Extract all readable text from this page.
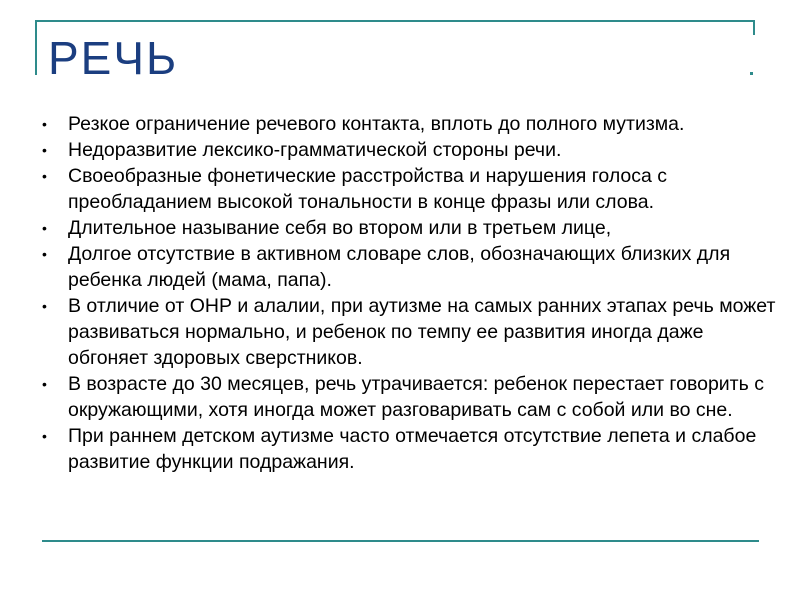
РЕЧЬ
•	Резкое ограничение речевого контакта, вплоть до полного мутизма.
•	Недоразвитие лексико-грамматической стороны речи.
•	Своеобразные фонетические расстройства и нарушения голоса с преобладанием высокой тональности в конце фразы или слова.
•	Длительное называние себя во втором или в третьем лице,
•	Долгое отсутствие в активном словаре слов, обозначающих близких для ребенка людей (мама, папа).
•	В отличие от ОНР и алалии, при аутизме на самых ранних этапах речь может развиваться нормально, и ребенок по темпу ее развития иногда даже обгоняет здоровых сверстников.
•	В возрасте до 30 месяцев, речь утрачивается: ребенок перестает говорить с окружающими, хотя иногда может разговаривать сам с собой или во сне.
•	При раннем детском аутизме часто отмечается отсутствие лепета и слабое развитие функции подражания.
